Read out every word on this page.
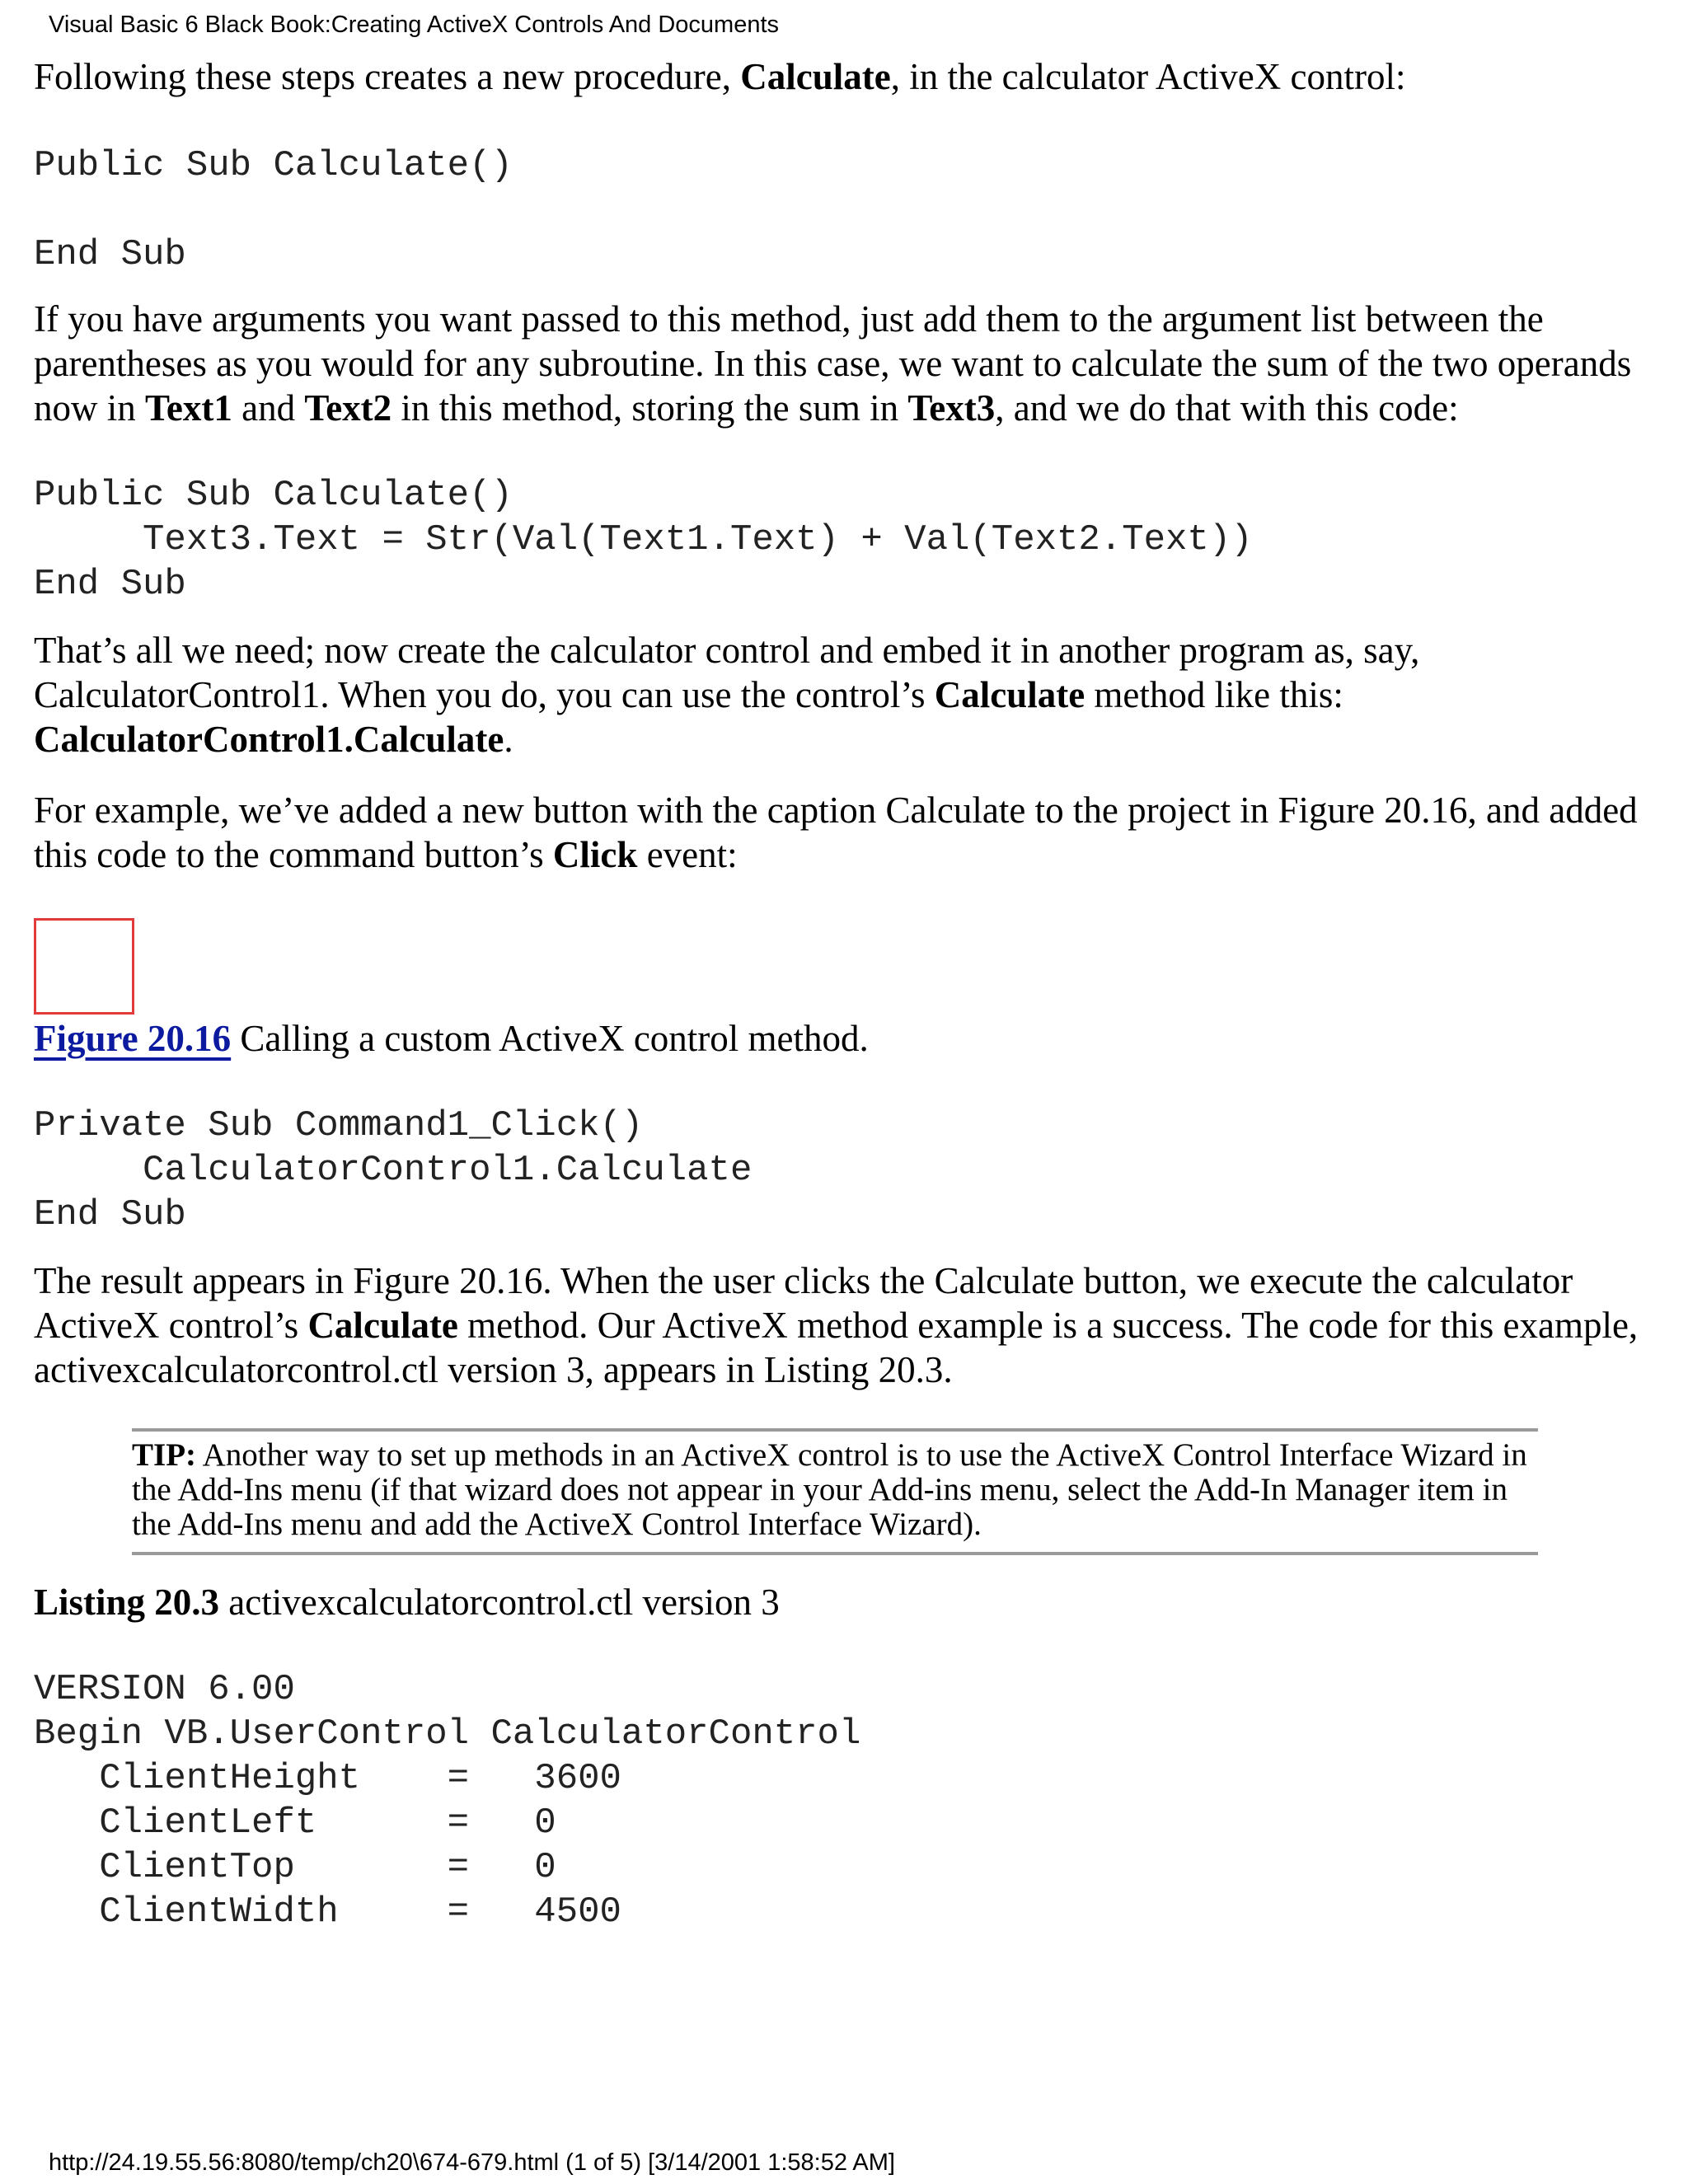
Visual Basic 6 Black Book:Creating ActiveX Controls And Documents

Following these steps creates a new procedure, Calculate, in the calculator ActiveX control:

Public Sub Calculate()

End Sub

If you have arguments you want passed to this method, just add them to the argument list between the parentheses as you would for any subroutine. In this case, we want to calculate the sum of the two operands now in Text1 and Text2 in this method, storing the sum in Text3, and we do that with this code:

Public Sub Calculate()
Text3.Text = Str(Val(Text1.Text) + Val(Text2.Text))
End Sub

That’s all we need; now create the calculator control and embed it in another program as, say, CalculatorControl1. When you do, you can use the control’s Calculate method like this: CalculatorControl1.Calculate.

For example, we’ve added a new button with the caption Calculate to the project in Figure 20.16, and added this code to the command button’s Click event:

Figure 20.16 Calling a custom ActiveX control method.

Private Sub Command1_Click()
CalculatorControl1.Calculate
End Sub

The result appears in Figure 20.16. When the user clicks the Calculate button, we execute the calculator ActiveX control’s Calculate method. Our ActiveX method example is a success. The code for this example, activexcalculatorcontrol.ctl version 3, appears in Listing 20.3.

TIP: Another way to set up methods in an ActiveX control is to use the ActiveX Control Interface Wizard in the Add-Ins menu (if that wizard does not appear in your Add-ins menu, select the Add-In Manager item in the Add-Ins menu and add the ActiveX Control Interface Wizard).

Listing 20.3 activexcalculatorcontrol.ctl version 3

VERSION 6.00
Begin VB.UserControl CalculatorControl
ClientHeight    =   3600
ClientLeft      =   0
ClientTop       =   0
ClientWidth     =   4500
http://24.19.55.56:8080/temp/ch20\674-679.html (1 of 5) [3/14/2001 1:58:52 AM]
